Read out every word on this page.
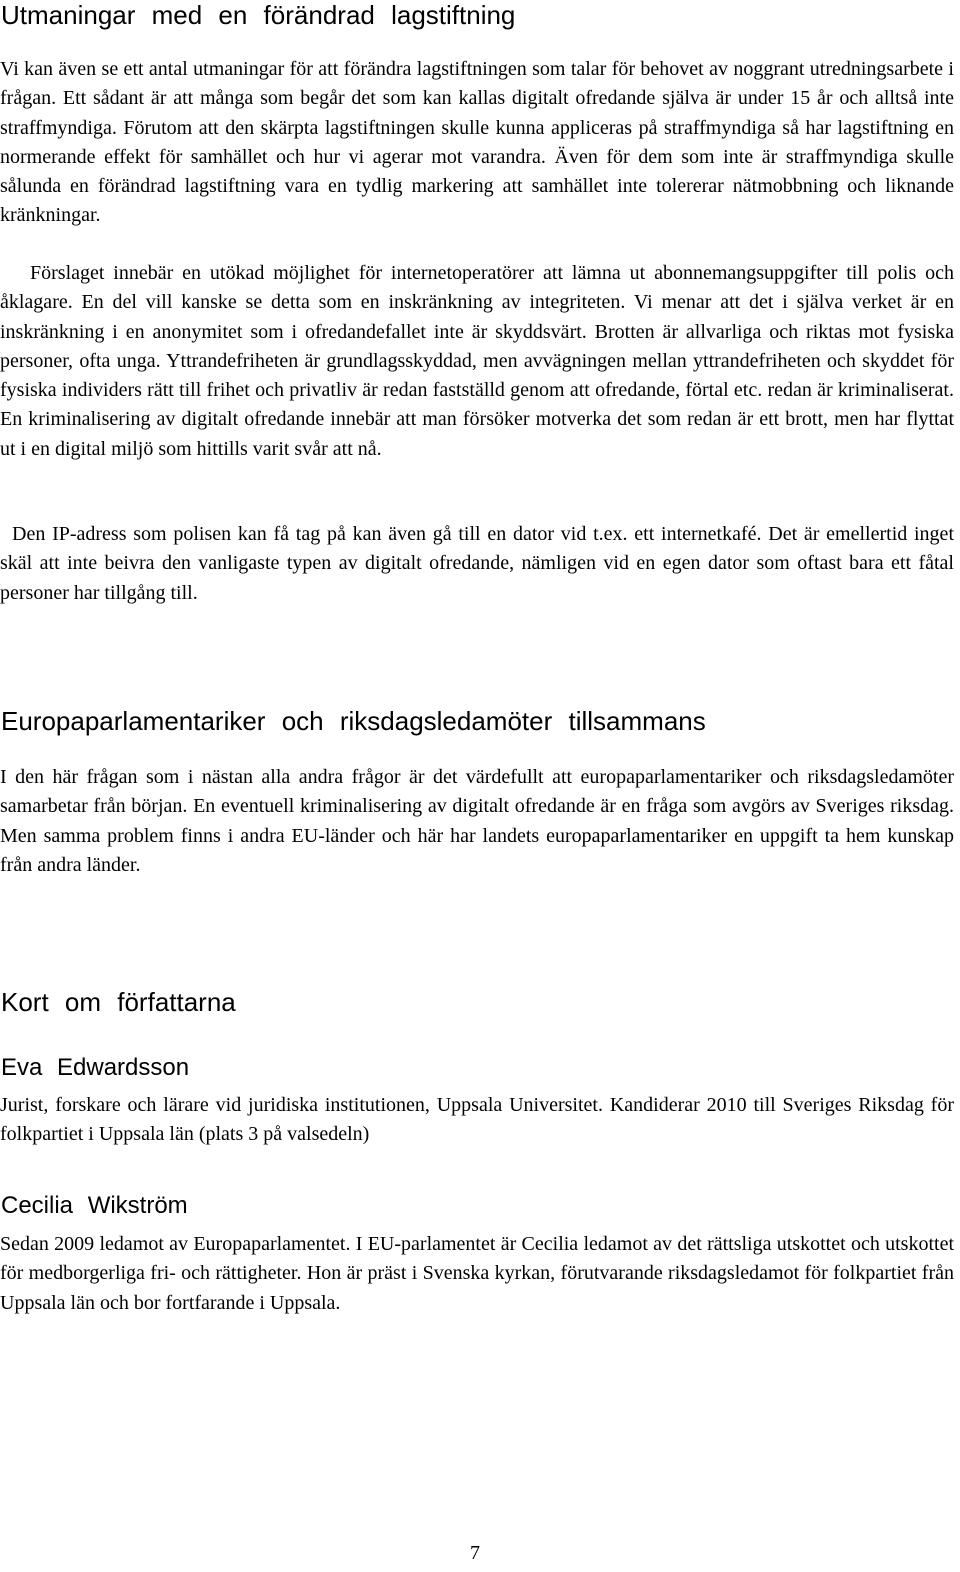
Utmaningar med en förändrad lagstiftning

Vi kan även se ett antal utmaningar för att förändra lagstiftningen som talar för behovet av noggrant utredningsarbete i frågan. Ett sådant är att många som begår det som kan kallas digitalt ofredande själva är under 15 år och alltså inte straffmyndiga. Förutom att den skärpta lagstiftningen skulle kunna appliceras på straffmyndiga så har lagstiftning en normerande effekt för samhället och hur vi agerar mot varandra. Även för dem som inte är straffmyndiga skulle sålunda en förändrad lagstiftning vara en tydlig markering att samhället inte tolererar nätmobbning och liknande kränkningar.

Förslaget innebär en utökad möjlighet för internetoperatörer att lämna ut abonnemangsuppgifter till polis och åklagare. En del vill kanske se detta som en inskränkning av integriteten. Vi menar att det i själva verket är en inskränkning i en anonymitet som i ofredandefallet inte är skyddsvärt. Brotten är allvarliga och riktas mot fysiska personer, ofta unga. Yttrandefriheten är grundlagsskyddad, men avvägningen mellan yttrandefriheten och skyddet för fysiska individers rätt till frihet och privatliv är redan fastställd genom att ofredande, förtal etc. redan är kriminaliserat. En kriminalisering av digitalt ofredande innebär att man försöker motverka det som redan är ett brott, men har flyttat ut i en digital miljö som hittills varit svår att nå.

Den IP-adress som polisen kan få tag på kan även gå till en dator vid t.ex. ett internetkafé. Det är emellertid inget skäl att inte beivra den vanligaste typen av digitalt ofredande, nämligen vid en egen dator som oftast bara ett fåtal personer har tillgång till.

Europaparlamentariker och riksdagsledamöter tillsammans

I den här frågan som i nästan alla andra frågor är det värdefullt att europaparlamentariker och riksdagsledamöter samarbetar från början. En eventuell kriminalisering av digitalt ofredande är en fråga som avgörs av Sveriges riksdag. Men samma problem finns i andra EU-länder och här har landets europaparlamentariker en uppgift ta hem kunskap från andra länder.

Kort om författarna
Eva Edwardsson

Jurist, forskare och lärare vid juridiska institutionen, Uppsala Universitet. Kandiderar 2010 till Sveriges Riksdag för folkpartiet i Uppsala län (plats 3 på valsedeln)

Cecilia Wikström

Sedan 2009 ledamot av Europaparlamentet. I EU-parlamentet är Cecilia ledamot av det rättsliga utskottet och utskottet för medborgerliga fri- och rättigheter. Hon är präst i Svenska kyrkan, förutvarande riksdagsledamot för folkpartiet från Uppsala län och bor fortfarande i Uppsala.

7
